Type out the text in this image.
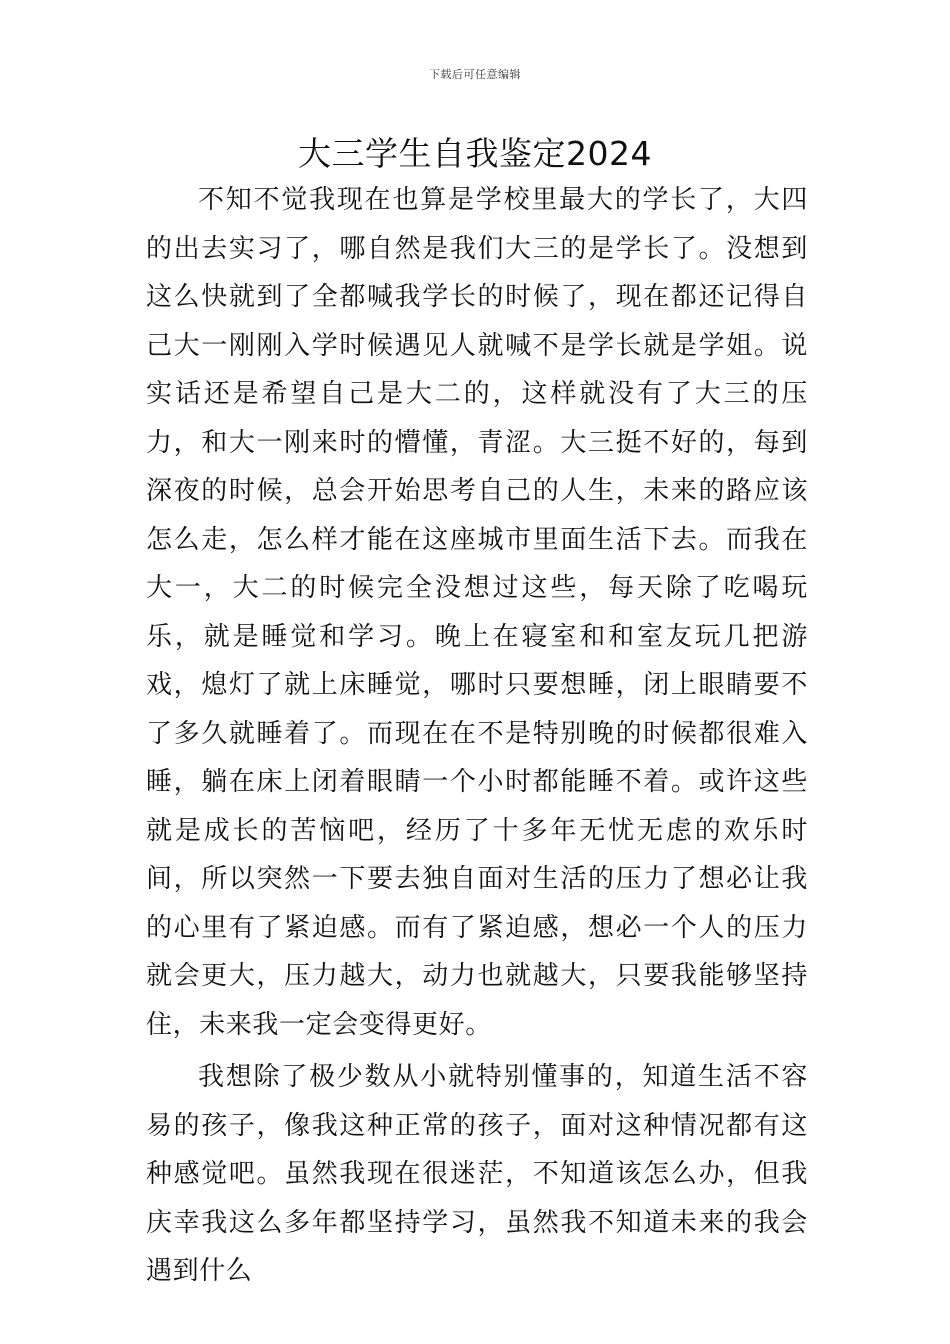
下载后可任意编辑
大三学生自我鉴定2024

不知不觉我现在也算是学校里最大的学长了，大四的出去实习了，哪自然是我们大三的是学长了。没想到这么快就到了全都喊我学长的时候了，现在都还记得自己大一刚刚入学时候遇见人就喊不是学长就是学姐。说实话还是希望自己是大二的，这样就没有了大三的压力，和大一刚来时的懵懂，青涩。大三挺不好的，每到深夜的时候，总会开始思考自己的人生，未来的路应该怎么走，怎么样才能在这座城市里面生活下去。而我在大一，大二的时候完全没想过这些，每天除了吃喝玩乐，就是睡觉和学习。晚上在寝室和和室友玩几把游戏，熄灯了就上床睡觉，哪时只要想睡，闭上眼睛要不了多久就睡着了。而现在在不是特别晚的时候都很难入睡，躺在床上闭着眼睛一个小时都能睡不着。或许这些就是成长的苦恼吧，经历了十多年无忧无虑的欢乐时间，所以突然一下要去独自面对生活的压力了想必让我的心里有了紧迫感。而有了紧迫感，想必一个人的压力就会更大，压力越大，动力也就越大，只要我能够坚持住，未来我一定会变得更好。

我想除了极少数从小就特别懂事的，知道生活不容易的孩子，像我这种正常的孩子，面对这种情况都有这种感觉吧。虽然我现在很迷茫，不知道该怎么办，但我庆幸我这么多年都坚持学习，虽然我不知道未来的我会遇到什么
